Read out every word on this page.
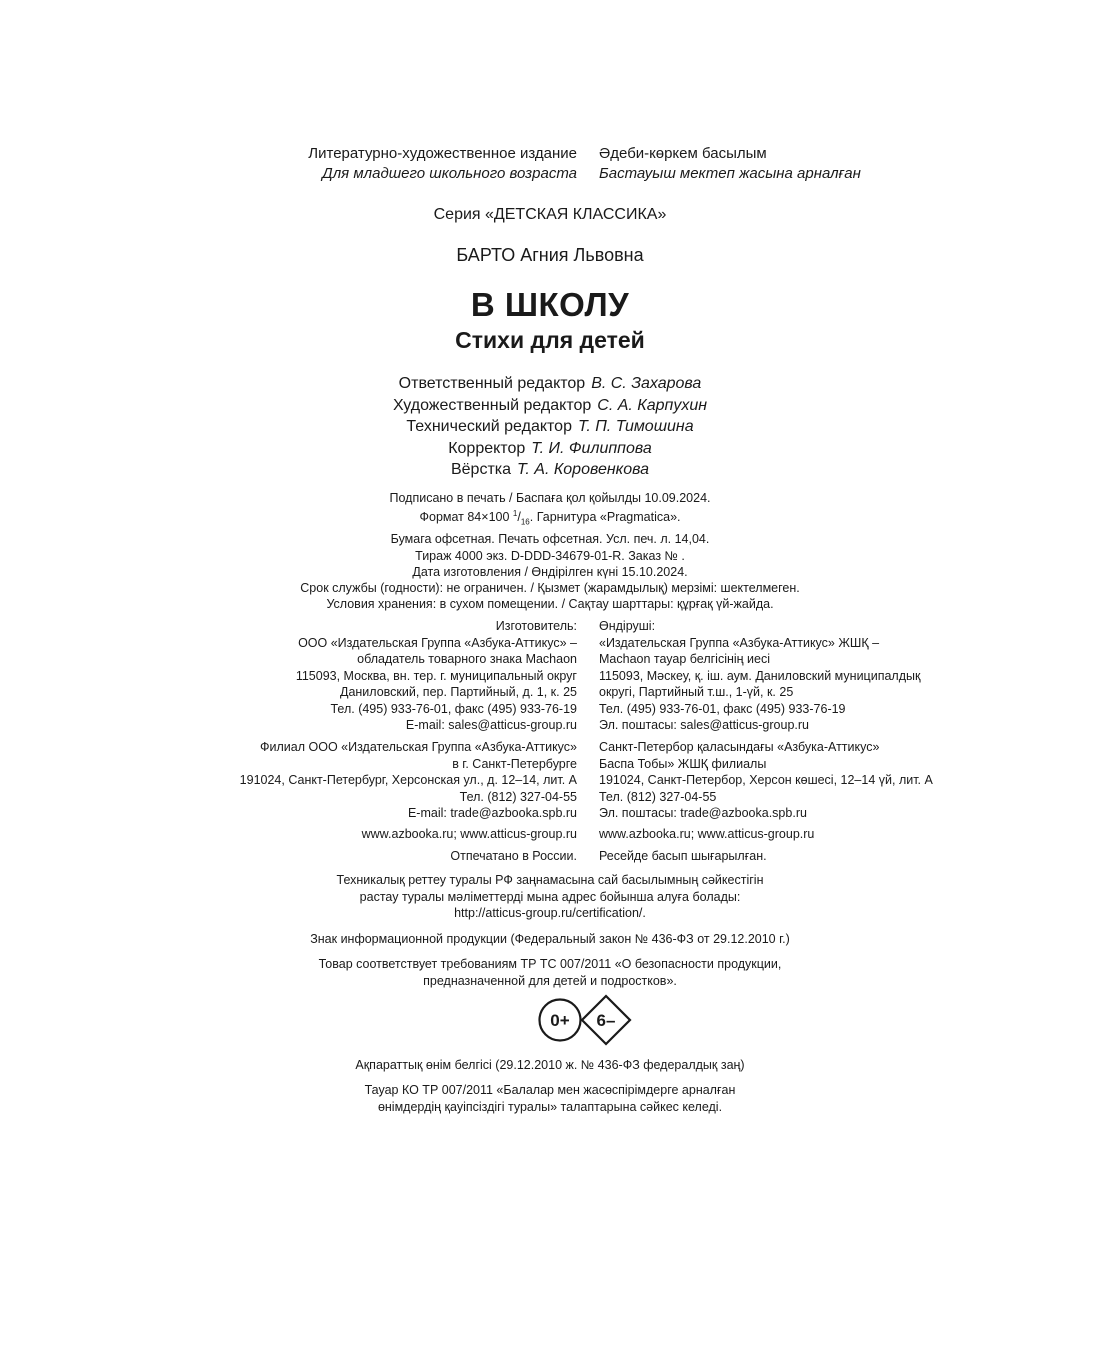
Литературно-художественное издание
Для младшего школьного возраста
Әдеби-көркем басылым
Бастауыш мектеп жасына арналған
Серия «ДЕТСКАЯ КЛАССИКА»
БАРТО Агния Львовна
В ШКОЛУ
Стихи для детей
Ответственный редактор В. С. Захарова
Художественный редактор С. А. Карпухин
Технический редактор Т. П. Тимошина
Корректор Т. И. Филиппова
Вёрстка Т. А. Коровенкова
Подписано в печать / Баспаға қол қойылды 10.09.2024.
Формат 84×100 $^1/_{16}$. Гарнитура «Pragmatica».
Бумага офсетная. Печать офсетная. Усл. печ. л. 14,04.
Тираж 4000 экз. D-DDD-34679-01-R. Заказ № .
Дата изготовления / Өндірілген күні 15.10.2024.
Срок службы (годности): не ограничен. / Қызмет (жарамдылық) мерзімі: шектелмеген.
Условия хранения: в сухом помещении. / Сақтау шарттары: құрғақ үй-жайда.
Изготовитель:
ООО «Издательская Группа «Азбука-Аттикус» –
обладатель товарного знака Machaon
115093, Москва, вн. тер. г. муниципальный округ
Даниловский, пер. Партийный, д. 1, к. 25
Тел. (495) 933-76-01, факс (495) 933-76-19
E-mail: sales@atticus-group.ru
Өндіруші:
«Издательская Группа «Азбука-Аттикус» ЖШҚ –
Machaon тауар белгісінің иесі
115093, Мәскеу, қ. іш. аум. Даниловский муниципалдық
округі, Партийный т.ш., 1-үй, к. 25
Тел. (495) 933-76-01, факс (495) 933-76-19
Эл. поштасы: sales@atticus-group.ru
Филиал ООО «Издательская Группа «Азбука-Аттикус»
в г. Санкт-Петербурге
191024, Санкт-Петербург, Херсонская ул., д. 12–14, лит. А
Тел. (812) 327-04-55
E-mail: trade@azbooka.spb.ru
Санкт-Петербор қаласындағы «Азбука-Аттикус»
Баспа Тобы» ЖШҚ филиалы
191024, Санкт-Петербор, Херсон көшесі, 12–14 үй, лит. А
Тел. (812) 327-04-55
Эл. поштасы: trade@azbooka.spb.ru
www.azbooka.ru; www.atticus-group.ru www.azbooka.ru; www.atticus-group.ru
Отпечатано в России. Ресейде басып шығарылған.
Техникалық реттеу туралы РФ заңнамасына сай басылымның сәйкестігін
растау туралы мәліметтерді мына адрес бойынша алуға болады:
http://atticus-group.ru/certification/.
Знак информационной продукции (Федеральный закон № 436-ФЗ от 29.12.2010 г.)
Товар соответствует требованиям ТР ТС 007/2011 «О безопасности продукции,
предназначенной для детей и подростков».
0+ 6–
Ақпараттық өнім белгісі (29.12.2010 ж. № 436-ФЗ федералдық заң)
Тауар КО ТР 007/2011 «Балалар мен жасөспірімдерге арналған
өнімдердің қауіпсіздігі туралы» талаптарына сәйкес келеді.
